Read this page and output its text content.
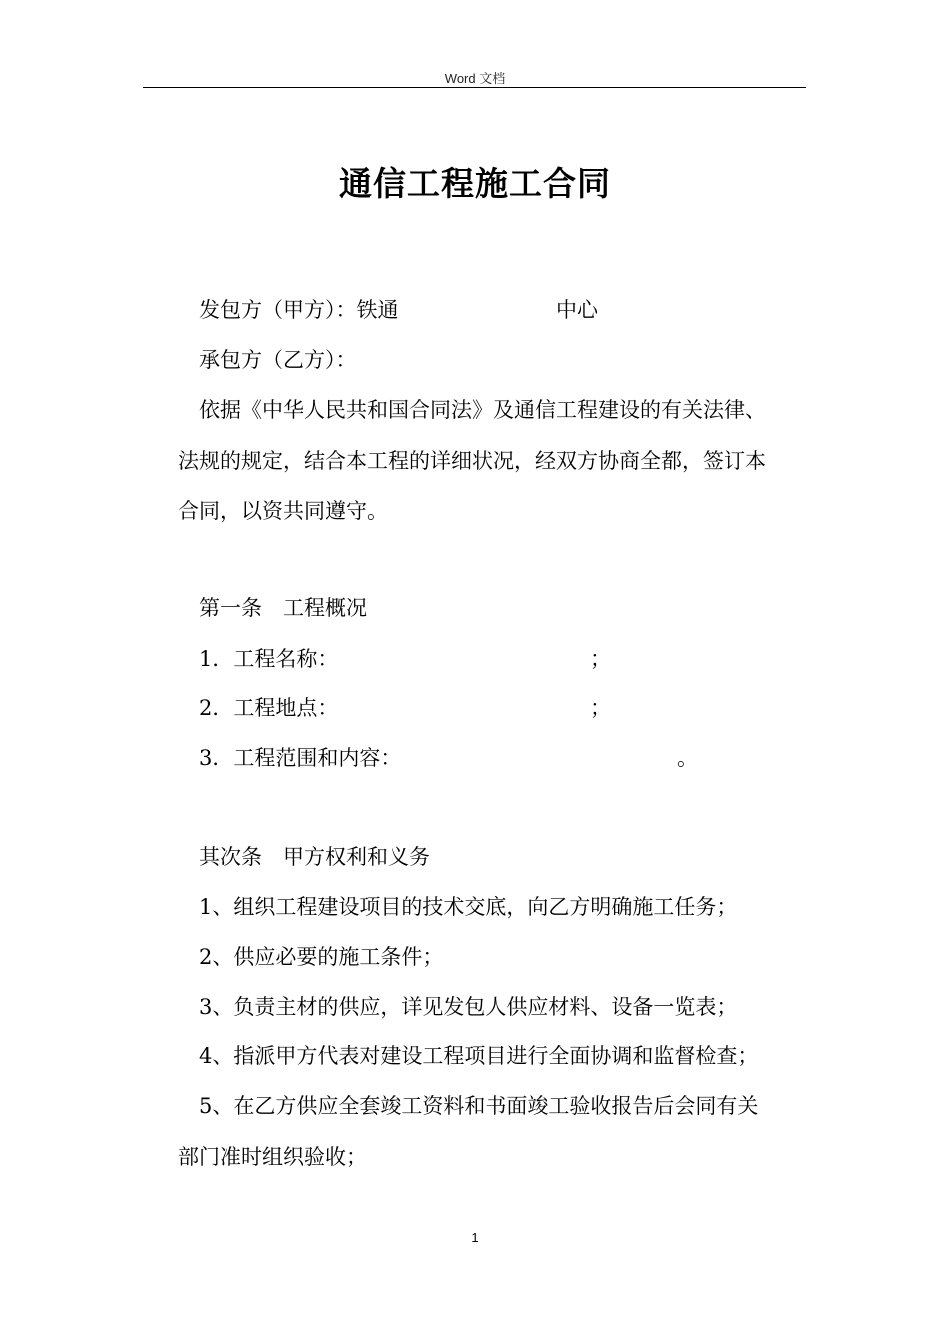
Word 文档
通信工程施工合同
发包方（甲方）：铁通	中心
承包方（乙方）：
依据《中华人民共和国合同法》及通信工程建设的有关法律、
法规的规定，结合本工程的详细状况，经双方协商全都，签订本
合同，以资共同遵守。
第一条　工程概况
1．工程名称：	；
2．工程地点：	；
3．工程范围和内容：	。
其次条　甲方权利和义务
1、组织工程建设项目的技术交底，向乙方明确施工任务；
2、供应必要的施工条件；
3、负责主材的供应，详见发包人供应材料、设备一览表；
4、指派甲方代表对建设工程项目进行全面协调和监督检查；
5、在乙方供应全套竣工资料和书面竣工验收报告后会同有关
部门准时组织验收；
1
